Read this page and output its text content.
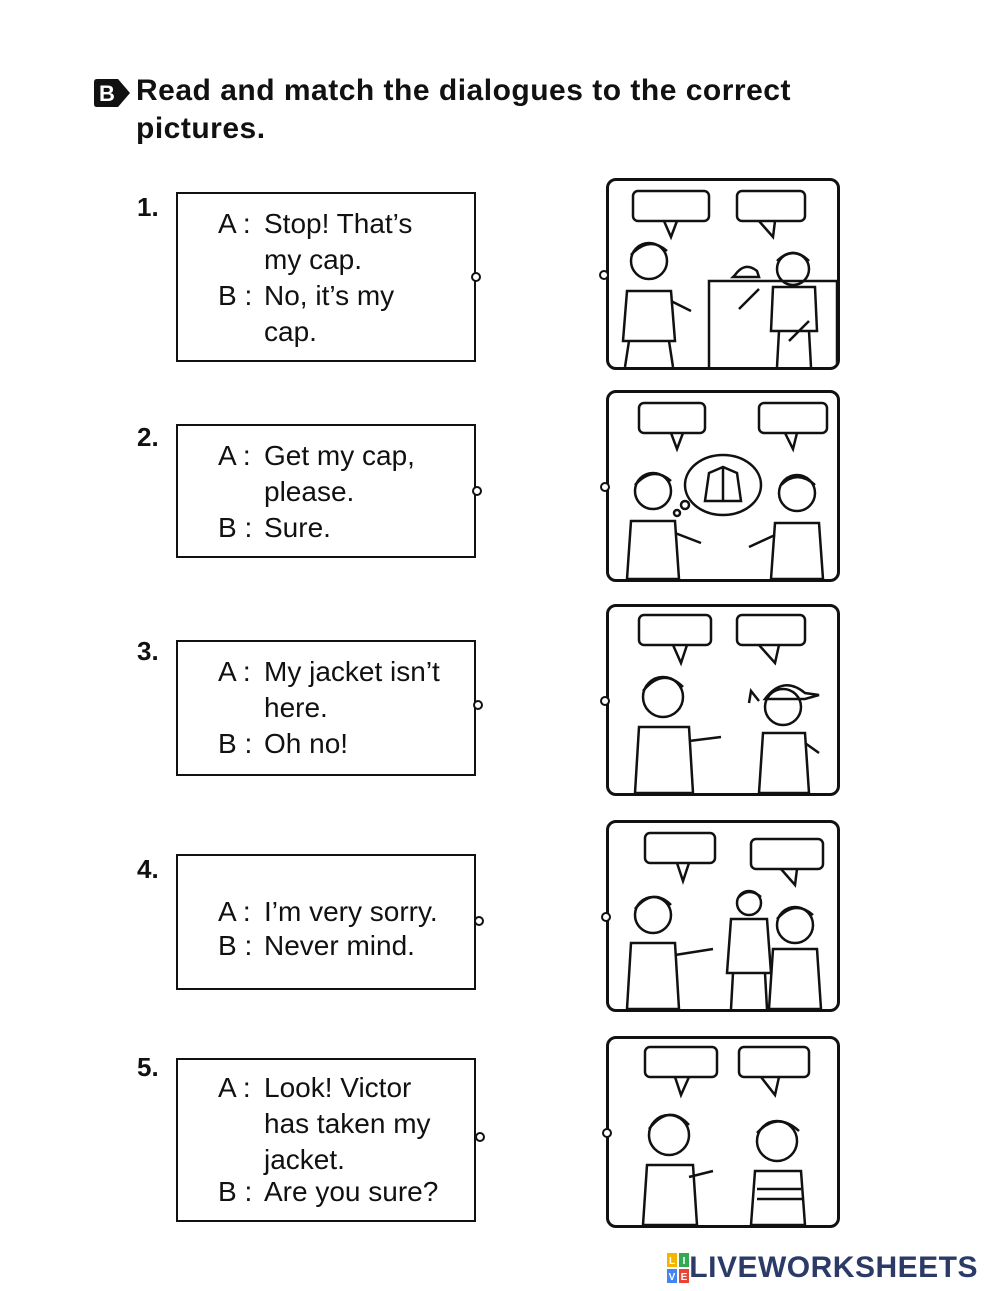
B Read and match the dialogues to the correct
pictures.
1.
A : Stop! That’s my cap.
B : No, it’s my cap.
2.
A : Get my cap, please.
B : Sure.
3.
A : My jacket isn’t here.
B : Oh no!
4.
A : I’m very sorry.
B : Never mind.
5.
A : Look! Victor has taken my jacket.
B : Are you sure?
L I
V E LIVEWORKSHEETS
